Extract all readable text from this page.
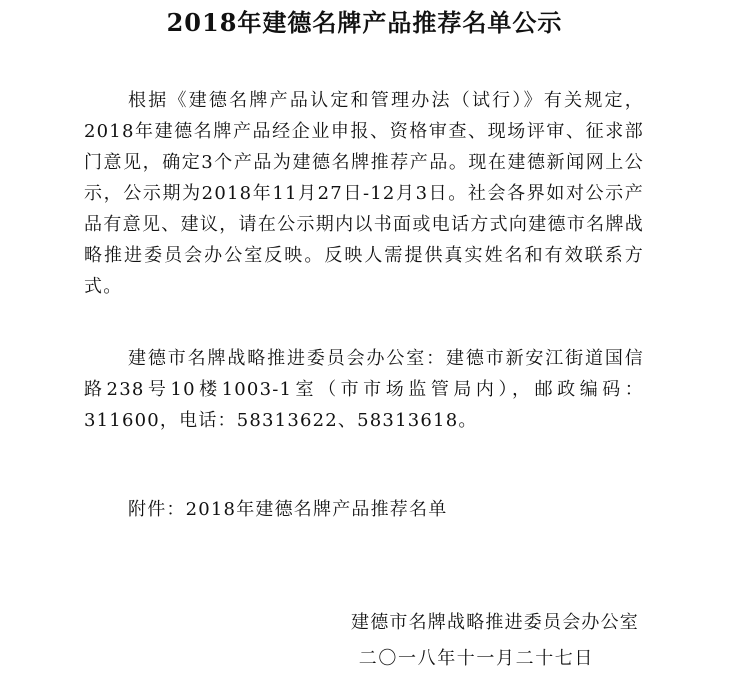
2018年建德名牌产品推荐名单公示

根据《建德名牌产品认定和管理办法（试行）》有关规定，2018年建德名牌产品经企业申报、资格审查、现场评审、征求部门意见，确定3个产品为建德名牌推荐产品。现在建德新闻网上公示，公示期为2018年11月27日-12月3日。社会各界如对公示产品有意见、建议，请在公示期内以书面或电话方式向建德市名牌战略推进委员会办公室反映。反映人需提供真实姓名和有效联系方式。

建德市名牌战略推进委员会办公室：建德市新安江街道国信路238号10楼1003-1室（市市场监管局内），邮政编码：311600，电话：58313622、58313618。

附件：2018年建德名牌产品推荐名单
建德市名牌战略推进委员会办公室
二〇一八年十一月二十七日
